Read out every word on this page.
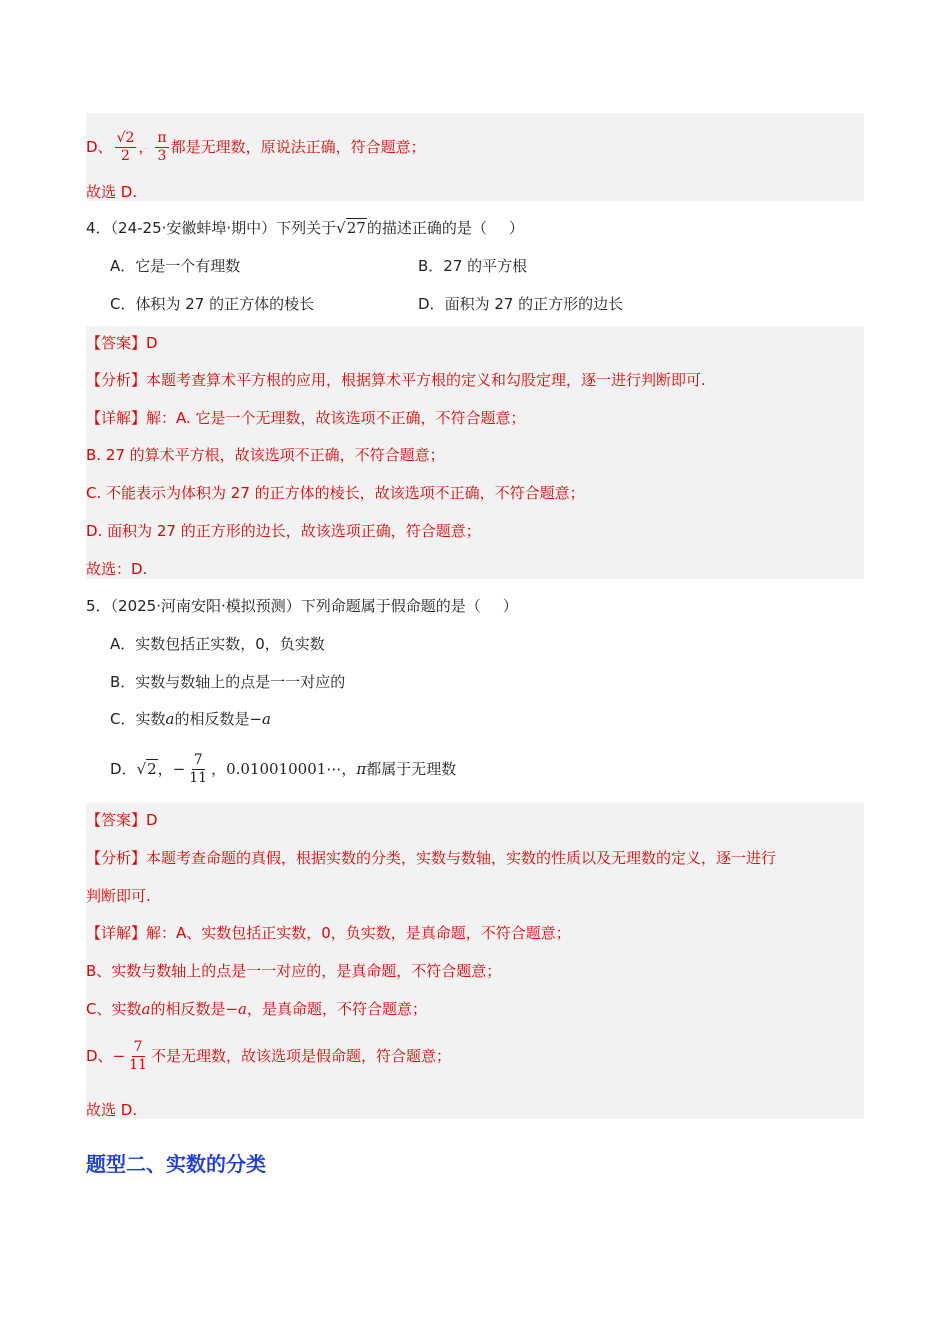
D、 $\frac{√2}{2}$ ， $\frac{\pi}{3}$ 都是无理数，原说法正确，符合题意；
故选 D.
4．（24-25·安徽蚌埠·期中）下列关于√27的描述正确的是（ ）
A．它是一个有理数	B．27 的平方根
C．体积为 27 的正方体的棱长	D．面积为 27 的正方形的边长
【答案】D
【分析】本题考查算术平方根的应用，根据算术平方根的定义和勾股定理，逐一进行判断即可.
【详解】解：A. 它是一个无理数，故该选项不正确，不符合题意；
B. 27 的算术平方根，故该选项不正确，不符合题意；
C. 不能表示为体积为 27 的正方体的棱长，故该选项不正确，不符合题意；
D. 面积为 27 的正方形的边长，故该选项正确，符合题意；
故选：D.
5．（2025·河南安阳·模拟预测）下列命题属于假命题的是（ ）
A．实数包括正实数，0，负实数
B．实数与数轴上的点是一一对应的
C．实数a的相反数是−a
D．√2，− $\frac{7}{11}$ ，0.010010001⋯，π都属于无理数
【答案】D
【分析】本题考查命题的真假，根据实数的分类，实数与数轴，实数的性质以及无理数的定义，逐一进行
判断即可.
【详解】解：A、实数包括正实数，0，负实数，是真命题，不符合题意；
B、实数与数轴上的点是一一对应的，是真命题，不符合题意；
C、实数a的相反数是−a，是真命题，不符合题意；
D、− $\frac{7}{11}$ 不是无理数，故该选项是假命题，符合题意；
故选 D.
题型二、实数的分类
